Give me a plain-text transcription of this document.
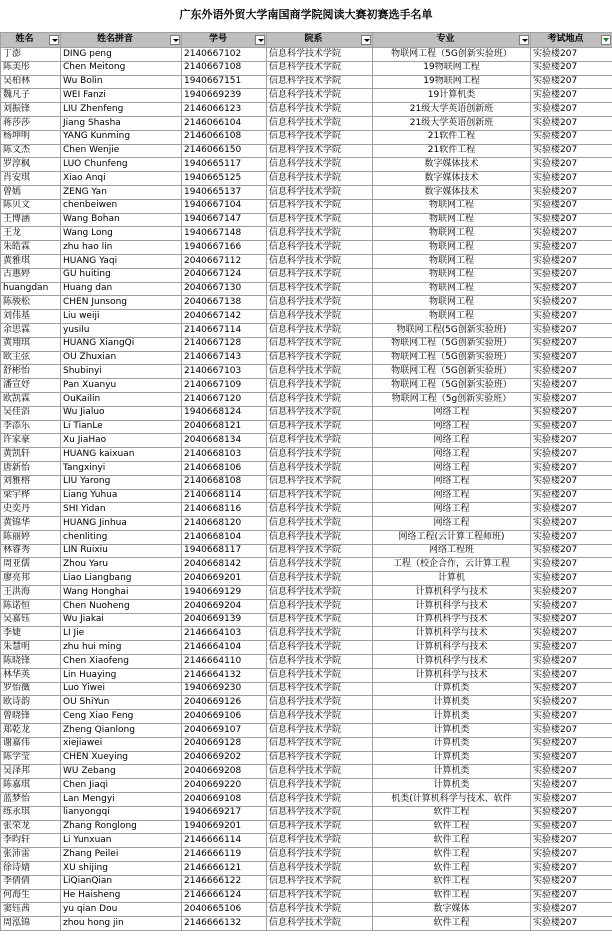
广东外语外贸大学南国商学院阅读大赛初赛选手名单
姓名	姓名拼音	学号	院系	专业	考试地点

丁澎	DING peng	2140667102	信息科学技术学院	物联网工程（5G创新实验班）	实验楼207
陈美彤	Chen Meitong	2140667108	信息科学技术学院	19物联网工程	实验楼207
吴柏林	Wu Bolin	1940667151	信息科学技术学院	19物联网工程	实验楼207
魏凡子	WEI Fanzi	1940669239	信息科学技术学院	19计算机类	实验楼207
刘振锋	LIU Zhenfeng	2146066123	信息科学技术学院	21级大学英语创新班	实验楼207
蒋莎莎	Jiang Shasha	2146066104	信息科学技术学院	21级大学英语创新班	实验楼207
杨坤明	YANG Kunming	2146066108	信息科学技术学院	21软件工程	实验楼207
陈文杰	Chen Wenjie	2146066150	信息科学技术学院	21软件工程	实验楼207
罗淳枫	LUO Chunfeng	1940665117	信息科学技术学院	数字媒体技术	实验楼207
肖安琪	Xiao Anqi	1940665125	信息科学技术学院	数字媒体技术	实验楼207
曾嫣	ZENG Yan	1940665137	信息科学技术学院	数字媒体技术	实验楼207
陈贝文	chenbeiwen	1940667104	信息科学技术学院	物联网工程	实验楼207
王博涵	Wang Bohan	1940667147	信息科学技术学院	物联网工程	实验楼207
王龙	Wang Long	1940667148	信息科学技术学院	物联网工程	实验楼207
朱皓霖	zhu hao lin	1940667166	信息科学技术学院	物联网工程	实验楼207
黄雅琪	HUANG Yaqi	2040667112	信息科学技术学院	物联网工程	实验楼207
古惠婷	GU huiting	2040667124	信息科学技术学院	物联网工程	实验楼207
huangdan	Huang dan	2040667130	信息科学技术学院	物联网工程	实验楼207
陈骏松	CHEN Junsong	2040667138	信息科学技术学院	物联网工程	实验楼207
刘伟基	Liu weiji	2040667142	信息科学技术学院	物联网工程	实验楼207
余思霖	yusilu	2140667114	信息科学技术学院	物联网工程(5G创新实验班)	实验楼207
黄翔琪	HUANG XiangQi	2140667128	信息科学技术学院	物联网工程（5G创新实验班）	实验楼207
欧主弦	OU Zhuxian	2140667143	信息科学技术学院	物联网工程（5G创新实验班）	实验楼207
舒彬怡	Shubinyi	2140667103	信息科学技术学院	物联网工程（5G创新实验班）	实验楼207
潘宣妤	Pan Xuanyu	2140667109	信息科学技术学院	物联网工程（5G创新实验班）	实验楼207
欧凯霖	OuKailin	2140667120	信息科学技术学院	物联网工程（5g创新实验班）	实验楼207
吴佳滔	Wu Jialuo	1940668124	信息科学技术学院	网络工程	实验楼207
李添乐	Li TianLe	2040668121	信息科学技术学院	网络工程	实验楼207
许家豪	Xu JiaHao	2040668134	信息科学技术学院	网络工程	实验楼207
黄凯轩	HUANG kaixuan	2140668103	信息科学技术学院	网络工程	实验楼207
唐新怡	Tangxinyi	2140668106	信息科学技术学院	网络工程	实验楼207
刘雅榕	LIU Yarong	2140668108	信息科学技术学院	网络工程	实验楼207
梁宇桦	Liang Yuhua	2140668114	信息科学技术学院	网络工程	实验楼207
史奕丹	SHI Yidan	2140668116	信息科学技术学院	网络工程	实验楼207
黄锦华	HUANG Jinhua	2140668120	信息科学技术学院	网络工程	实验楼207
陈丽婷	chenliting	2140668104	信息科学技术学院	网络工程(云计算工程师班)	实验楼207
林睿秀	LIN Ruixiu	1940668117	信息科学技术学院	网络工程班	实验楼207
周亚儒	Zhou Yaru	2040668142	信息科学技术学院	工程（校企合作，云计算工程	实验楼207
廖亮邦	Liao Liangbang	2040669201	信息科学技术学院	计算机	实验楼207
王洪海	Wang Honghai	1940669129	信息科学技术学院	计算机科学与技术	实验楼207
陈诺恒	Chen Nuoheng	2040669204	信息科学技术学院	计算机科学与技术	实验楼207
吴嘉钰	Wu Jiakai	2040669139	信息科学技术学院	计算机科学与技术	实验楼207
李婕	LI Jie	2146664103	信息科学技术学院	计算机科学与技术	实验楼207
朱慧明	zhu hui ming	2146664104	信息科学技术学院	计算机科学与技术	实验楼207
陈晓锋	Chen Xiaofeng	2146664110	信息科学技术学院	计算机科学与技术	实验楼207
林华英	Lin Huaying	2146664132	信息科学技术学院	计算机科学与技术	实验楼207
罗怡薇	Luo Yiwei	1940669230	信息科学技术学院	计算机类	实验楼207
欧诗韵	OU ShiYun	2040669126	信息科学技术学院	计算机类	实验楼207
曾晓锋	Ceng Xiao Feng	2040669106	信息科学技术学院	计算机类	实验楼207
郑乾龙	Zheng Qianlong	2040669107	信息科学技术学院	计算机类	实验楼207
谢嘉伟	xiejiawei	2040669128	信息科学技术学院	计算机类	实验楼207
陈学莹	CHEN Xueying	2040669202	信息科学技术学院	计算机类	实验楼207
吴泽邦	WU Zebang	2040669208	信息科学技术学院	计算机类	实验楼207
陈嘉琪	Chen Jiaqi	2040669220	信息科学技术学院	计算机类	实验楼207
蓝梦怡	Lan Mengyi	2040669108	信息科学技术学院	机类(计算机科学与技术、软件	实验楼207
练永琪	lianyongqi	1940669217	信息科学技术学院	软件工程	实验楼207
张荣龙	Zhang Ronglong	1940669201	信息科学技术学院	软件工程	实验楼207
李昀轩	Li Yunxuan	2146666114	信息科学技术学院	软件工程	实验楼207
张沛雷	Zhang Peilei	2146666119	信息科学技术学院	软件工程	实验楼207
徐诗婧	XU shijing	2146666121	信息科学技术学院	软件工程	实验楼207
李倩倩	LiQianQian	2146666122	信息科学技术学院	软件工程	实验楼207
何海生	He Haisheng	2146666124	信息科学技术学院	软件工程	实验楼207
窦钰茜	yu qian Dou	2040665106	信息科学技术学院	数字媒体	实验楼207
周泓锦	zhou hong jin	2146666132	信息科学技术学院	软件工程	实验楼207
